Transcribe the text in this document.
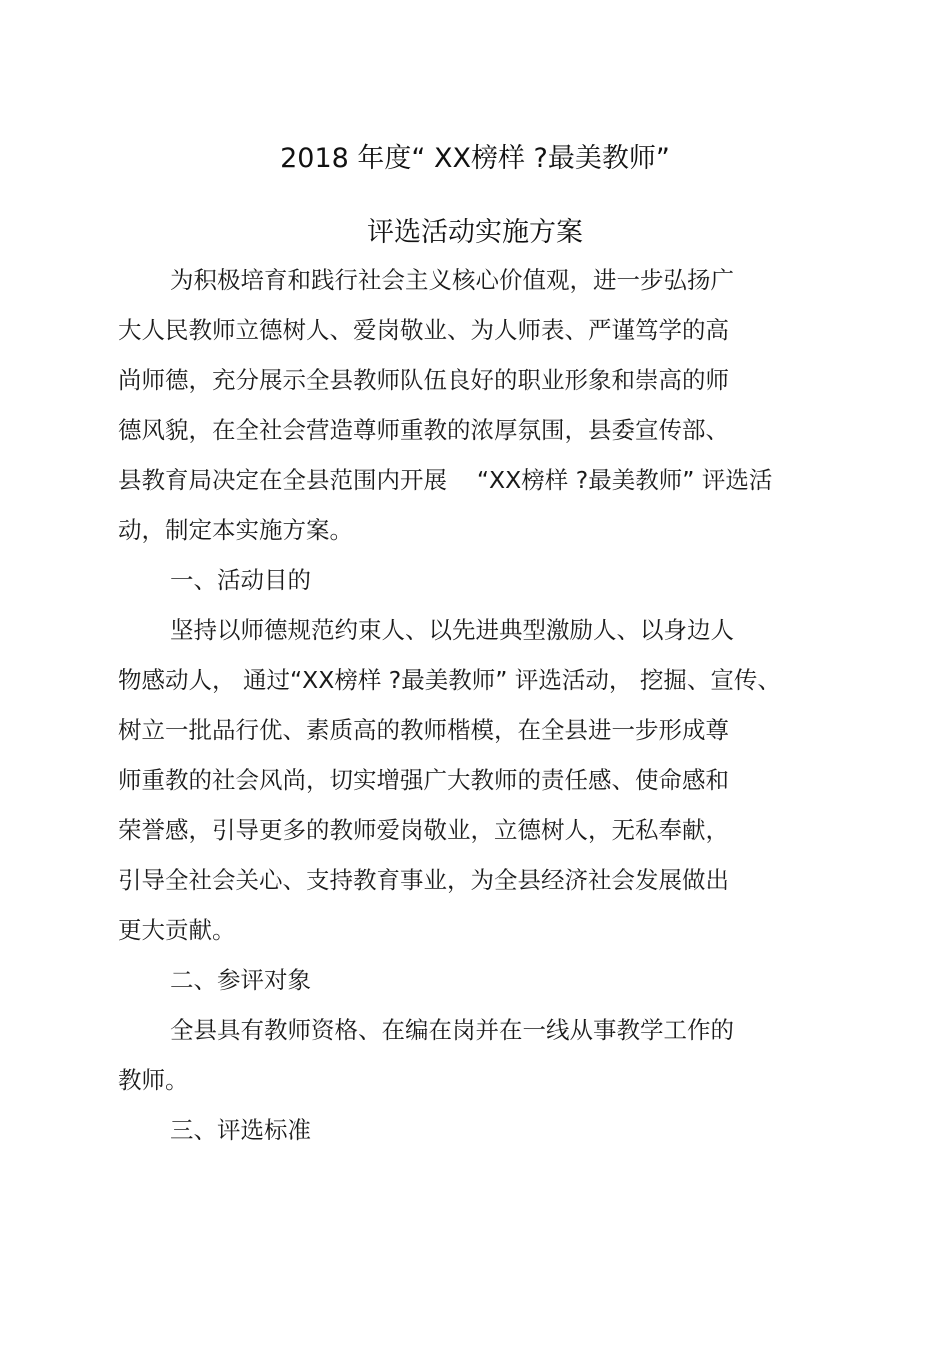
2018 年度“ XX榜样 ?最美教师”
评选活动实施方案

为积极培育和践行社会主义核心价值观，进一步弘扬广

大人民教师立德树人、爱岗敬业、为人师表、严谨笃学的高

尚师德，充分展示全县教师队伍良好的职业形象和崇高的师

德风貌，在全社会营造尊师重教的浓厚氛围，县委宣传部、

县教育局决定在全县范围内开展    “XX榜样 ?最美教师” 评选活

动，制定本实施方案。

一、活动目的

坚持以师德规范约束人、以先进典型激励人、以身边人

物感动人， 通过“XX榜样 ?最美教师” 评选活动， 挖掘、宣传、

树立一批品行优、素质高的教师楷模，在全县进一步形成尊

师重教的社会风尚，切实增强广大教师的责任感、使命感和

荣誉感，引导更多的教师爱岗敬业，立德树人，无私奉献，

引导全社会关心、支持教育事业，为全县经济社会发展做出

更大贡献。

二、参评对象

全县具有教师资格、在编在岗并在一线从事教学工作的

教师。

三、评选标准
